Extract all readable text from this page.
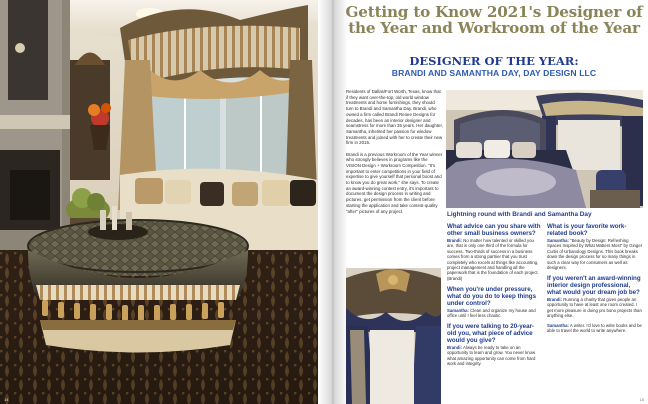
Getting to Know 2021's Designer of the Year and Workroom of the Year
DESIGNER OF THE YEAR:
BRANDI AND SAMANTHA DAY, DAY DESIGN LLC

Residents of Dallas/Fort Worth, Texas, know that if they want over-the-top, old world window treatments and home furnishings, they should turn to Brandi and Samantha Day. Brandi, who owned a firm called Brandi Renee Designs for decades, has been an interior designer and seamstress for more than 35 years. Her daughter, Samantha, inherited her passion for window treatments and joined with her to create their new firm in 2015.

Brandi is a previous Workroom of the Year winner who strongly believes in programs like the VISION Design + Workroom Competition. "It's important to enter competitions in your field of expertise to give yourself that personal boost and to know you do great work," she says. To create an award-winning contest entry, it's important to document the design process in writing and pictures, get permission from the client before starting the application and take contest-quality "after" pictures of any project.	Lightning round with Brandi and Samantha Day
What advice can you share with other small business owners?
Brandi: No matter how talented or skilled you are, that is only one third of the formula for success. Two-thirds of success in a business comes from a strong partner that you trust completely who excels at things like accounting, project management and handling all the paperwork that is the foundation of each project. (Brandi)
When you're under pressure, what do you do to keep things under control?
Samantha: Clean and organize my house and office until I feel less chaotic.
If you were talking to 20-year-old you, what piece of advice would you give?
Brandi: Always be ready to take on an opportunity to learn and grow. You never know what amazing opportunity can come from hard work and integrity.
What is your favorite work-related book?
Samantha: "Beauty by Design: Refreshing Spaces Inspired by What Matters Most" by Ginger Curtis of Urbanology Designs. This book breaks down the design process for so many things in such a clear way for consumers as well as designers.
If you weren't an award-winning interior design professional, what would your dream job be?
Brandi: Running a charity that gives people an opportunity to have at least one room created. I get more pleasure in doing pro bono projects than anything else.
Samantha: A writer. I'd love to write books and be able to travel the world to write anywhere.
15
14
